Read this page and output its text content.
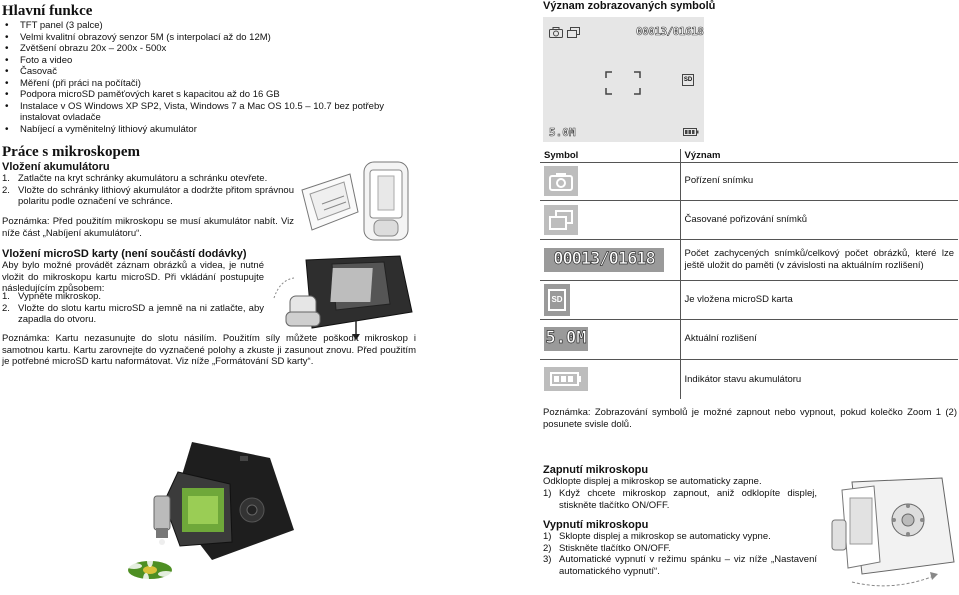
Hlavní funkce
• TFT panel (3 palce)
• Velmi kvalitní obrazový senzor 5M (s interpolací až do 12M)
• Zvětšení obrazu 20x – 200x - 500x
• Foto a video
• Časovač
• Měření (při práci na počítači)
• Podpora microSD paměťových karet s kapacitou až do 16 GB
• Instalace v OS Windows XP SP2, Vista, Windows 7 a Mac OS 10.5 – 10.7 bez potřeby instalovat ovladače
• Nabíjecí a vyměnitelný lithiový akumulátor
Práce s mikroskopem
Vložení akumulátoru
1. Zatlačte na kryt schránky akumulátoru a schránku otevřete.
2. Vložte do schránky lithiový akumulátor a dodržte přitom správnou polaritu podle označení ve schránce.

Poznámka: Před použitím mikroskopu se musí akumulátor nabít. Viz níže část „Nabíjení akumulátoru“.

Vložení microSD karty (není součástí dodávky)

Aby bylo možné provádět záznam obrázků a videa, je nutné vložit do mikroskopu kartu microSD. Při vkládání postupujte následujícím způsobem:

1. Vypněte mikroskop.
2. Vložte do slotu kartu microSD a jemně na ni zatlačte, aby zapadla do otvoru.

Poznámka: Kartu nezasunujte do slotu násilím. Použitím síly můžete poškodit mikroskop i samotnou kartu. Kartu zarovnejte do vyznačené polohy a zkuste ji zasunout znovu. Před použitím je potřebné microSD kartu naformátovat. Viz níže „Formátování SD karty“.

Význam zobrazovaných symbolů
00013/01618
SD
5.0M
Symbol	Význam

	Pořízení snímku

	Časované pořizování snímků
00013/01618	Počet zachycených snímků/celkový počet obrázků, které lze ještě uložit do paměti (v závislosti na aktuálním rozlišení)

SD	Je vložena microSD karta
5.0M	Aktuální rozlišení

	Indikátor stavu akumulátoru

Poznámka: Zobrazování symbolů je možné zapnout nebo vypnout, pokud kolečko Zoom 1 (2) posunete svisle dolů.

Zapnutí mikroskopu

Odklopte displej a mikroskop se automaticky zapne.

1) Když chcete mikroskop zapnout, aniž odklopíte displej, stiskněte tlačítko ON/OFF.
Vypnutí mikroskopu
1) Sklopte displej a mikroskop se automaticky vypne.
2) Stiskněte tlačítko ON/OFF.
3) Automatické vypnutí v režimu spánku – viz níže „Nastavení automatického vypnutí“.
